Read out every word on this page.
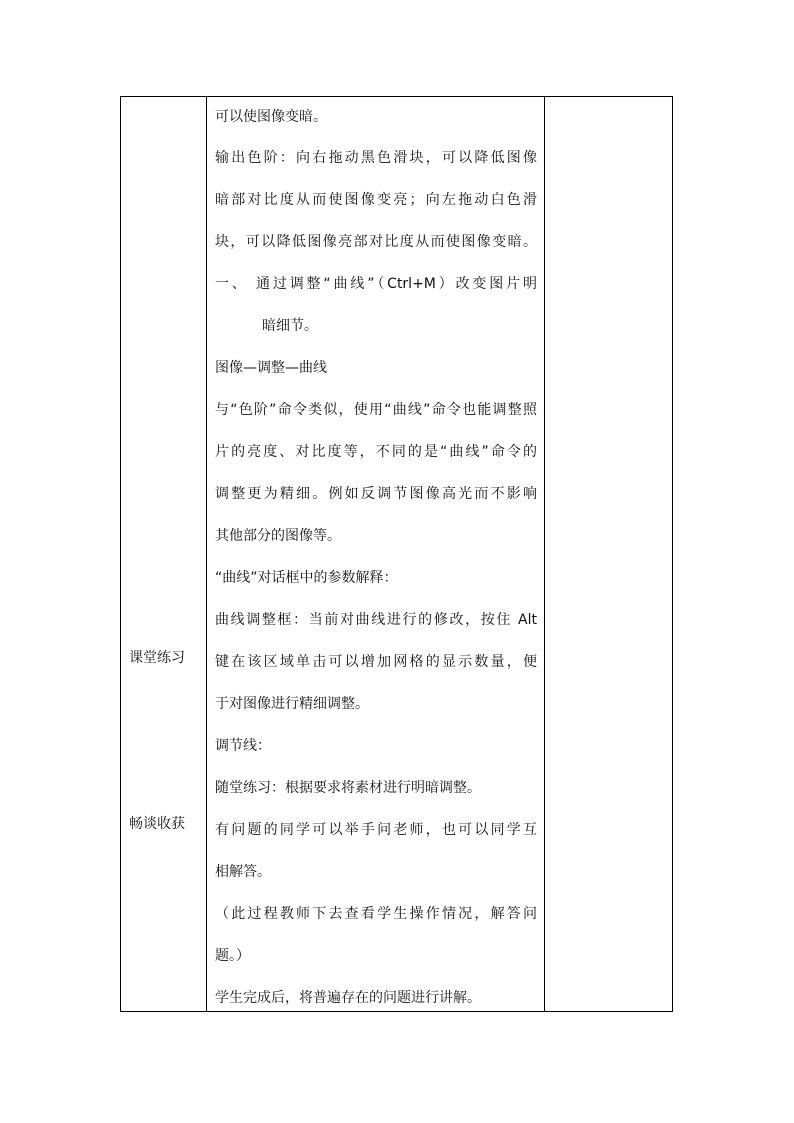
课堂练习
畅谈收获
可以使图像变暗。
输出色阶：向右拖动黑色滑块，可以降低图像
暗部对比度从而使图像变亮；向左拖动白色滑
块，可以降低图像亮部对比度从而使图像变暗。
一、 通过调整“曲线”（Ctrl+M）改变图片明
暗细节。
图像—调整—曲线
与“色阶”命令类似，使用“曲线”命令也能调整照
片的亮度、对比度等，不同的是“曲线”命令的
调整更为精细。例如反调节图像高光而不影响
其他部分的图像等。
“曲线”对话框中的参数解释：
曲线调整框：当前对曲线进行的修改，按住 Alt
键在该区域单击可以增加网格的显示数量，便
于对图像进行精细调整。
调节线：
随堂练习：根据要求将素材进行明暗调整。
有问题的同学可以举手问老师，也可以同学互
相解答。
（此过程教师下去查看学生操作情况，解答问
题。）
学生完成后，将普遍存在的问题进行讲解。
